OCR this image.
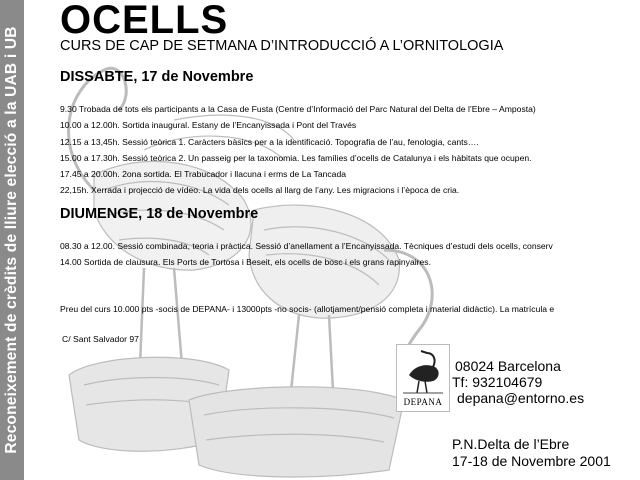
Reconeixement de crèdits de lliure elecció a la UAB i UB
OCELLS
CURS DE CAP DE SETMANA D’INTRODUCCIÓ A L’ORNITOLOGIA
DISSABTE, 17 de Novembre
9.30 Trobada de tots els participants a la Casa de Fusta (Centre d’Informació del Parc Natural del Delta de l’Ebre – Amposta)
10.00 a 12.00h. Sortida inaugural. Estany de l’Encanyissada i Pont del Través
12.15 a 13,45h. Sessió teòrica 1. Caràcters bàsics per a la identificació. Topografia de l’au, fenologia, cants….
15.00 a 17.30h. Sessió teòrica 2. Un passeig per la taxonomia. Les famílies d’ocells de Catalunya i els hàbitats que ocupen.
17.45 a 20.00h. 2ona sortida. El Trabucador i llacuna i erms de La Tancada
22,15h. Xerrada i projecció de vídeo. La vida dels ocells al llarg de l’any. Les migracions i l’època de cria.
DIUMENGE, 18 de Novembre
08.30 a 12.00. Sessió combinada, teoria i pràctica. Sessió d’anellament a l’Encanyissada. Tècniques d’estudi dels ocells, conserv
14.00 Sortida de clausura. Els Ports de Tortosa i Beseit, els ocells de bosc i els grans rapinyaires.
Preu del curs 10.000 pts -socis de DEPANA- i 13000pts -no socis- (allotjament/pensió completa i material didàctic). La matrícula e
C/ Sant Salvador 97
DEPANA
08024 Barcelona
Tf: 932104679
depana@entorno.es
P.N.Delta de l’Ebre
17-18 de Novembre 2001
